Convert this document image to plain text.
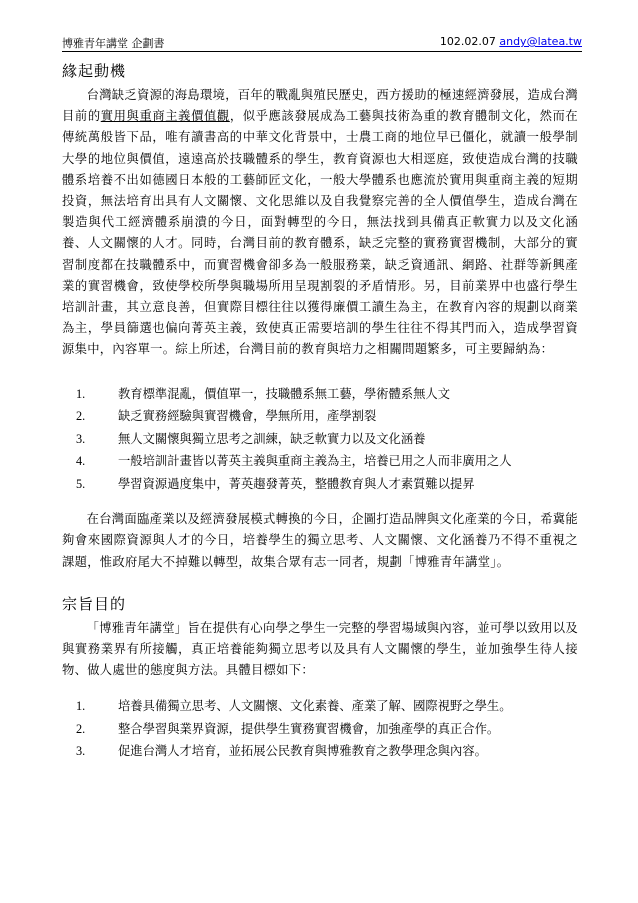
博雅青年講堂 企劃書	102.02.07 andy@latea.tw
緣起動機

台灣缺乏資源的海島環境，百年的戰亂與殖民歷史，西方援助的極速經濟發展，造成台灣目前的實用與重商主義價值觀，似乎應該發展成為工藝與技術為重的教育體制文化，然而在傳統萬般皆下品，唯有讀書高的中華文化背景中，士農工商的地位早已僵化，就讀一般學制大學的地位與價值，遠遠高於技職體系的學生，教育資源也大相逕庭，致使造成台灣的技職體系培養不出如德國日本般的工藝師匠文化，一般大學體系也應流於實用與重商主義的短期投資，無法培育出具有人文關懷、文化思維以及自我覺察完善的全人價值學生，造成台灣在製造與代工經濟體系崩潰的今日，面對轉型的今日，無法找到具備真正軟實力以及文化涵養、人文關懷的人才。同時，台灣目前的教育體系，缺乏完整的實務實習機制，大部分的實習制度都在技職體系中，而實習機會卻多為一般服務業，缺乏資通訊、網路、社群等新興產業的實習機會，致使學校所學與職場所用呈現割裂的矛盾情形。另，目前業界中也盛行學生培訓計畫，其立意良善，但實際目標往往以獲得廉價工讀生為主，在教育內容的規劃以商業為主，學員篩選也偏向菁英主義，致使真正需要培訓的學生往往不得其門而入，造成學習資源集中，內容單一。綜上所述，台灣目前的教育與培力之相關問題繁多，可主要歸納為：

1.	教育標準混亂，價值單一，技職體系無工藝，學術體系無人文
2.	缺乏實務經驗與實習機會，學無所用，產學割裂
3.	無人文關懷與獨立思考之訓練，缺乏軟實力以及文化涵養
4.	一般培訓計畫皆以菁英主義與重商主義為主，培養已用之人而非廣用之人
5.	學習資源過度集中，菁英趨發菁英，整體教育與人才素質難以提昇

在台灣面臨產業以及經濟發展模式轉換的今日，企圖打造品牌與文化產業的今日，希冀能夠會來國際資源與人才的今日，培養學生的獨立思考、人文關懷、文化涵養乃不得不重視之課題，惟政府尾大不掉難以轉型，故集合眾有志一同者，規劃「博雅青年講堂」。

宗旨目的

「博雅青年講堂」旨在提供有心向學之學生一完整的學習場域與內容，並可學以致用以及與實務業界有所接觸，真正培養能夠獨立思考以及具有人文關懷的學生，並加強學生待人接物、做人處世的態度與方法。具體目標如下：

1.	培養具備獨立思考、人文關懷、文化素養、產業了解、國際視野之學生。
2.	整合學習與業界資源，提供學生實務實習機會，加強產學的真正合作。
3.	促進台灣人才培育，並拓展公民教育與博雅教育之教學理念與內容。
